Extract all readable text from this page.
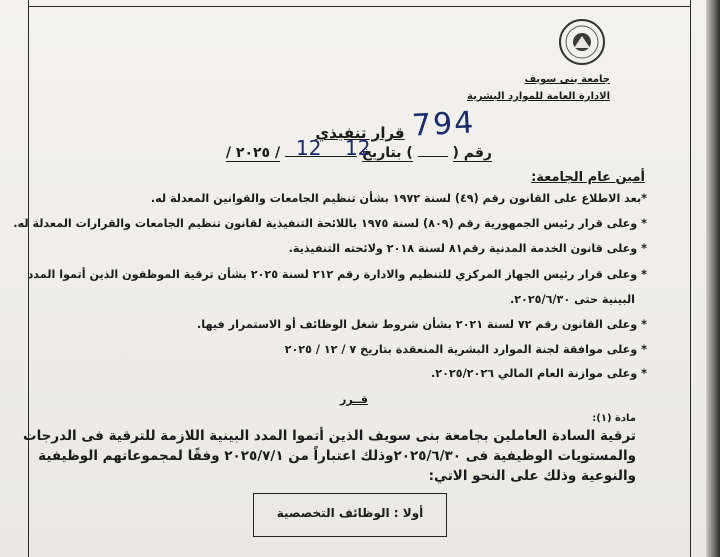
جامعة بنى سويف
الادارة العامة للموارد البشرية
794
قرار تنفيذي
رقم (  ) بتاريخ  / ٢٠٢٥ /	12
12
أمين عام الجامعة:
*بعد الاطلاع على القانون رقم (٤٩) لسنة ١٩٧٢ بشأن تنظيم الجامعات والقوانين المعدلة له.
* وعلى قرار رئيس الجمهورية رقم (٨٠٩) لسنة ١٩٧٥ باللائحة التنفيذية لقانون تنظيم الجامعات والقرارات المعدلة له.
* وعلى قانون الخدمة المدنية رقم٨١ لسنة ٢٠١٨ ولائحته التنفيذية.
* وعلى قرار رئيس الجهاز المركزي للتنظيم والادارة رقم ٢١٢ لسنة ٢٠٢٥ بشأن ترقية الموظفون الذين أتموا المدد
البينية حتى ٢٠٢٥/٦/٣٠.
* وعلى القانون رقم ٧٢ لسنة ٢٠٢١ بشأن شروط شغل الوظائف أو الاستمرار فيها.
* وعلى موافقة لجنة الموارد البشرية المنعقدة بتاريخ ٧ / ١٢ / ٢٠٢٥
* وعلى موازنة العام المالي ٢٠٢٥/٢٠٢٦.
قــرر
مادة (١):
ترقية السادة العاملين بجامعة بنى سويف الذين أتموا المدد البينية اللازمة للترقية فى الدرجات
والمستويات الوظيفية فى ٢٠٢٥/٦/٣٠وذلك اعتباراً من ٢٠٢٥/٧/١ وفقًا لمجموعاتهم الوظيفية
والنوعية وذلك على النحو الاتي:
أولا : الوظائف التخصصية
